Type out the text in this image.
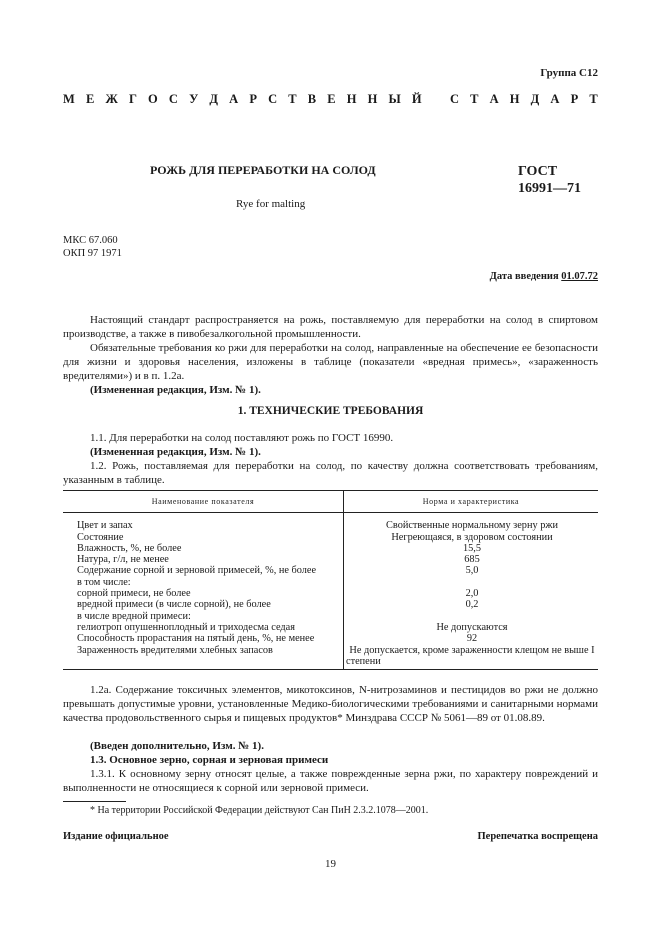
Группа С12
М Е Ж Г О С У Д А Р С Т В Е Н Н Ы Й С Т А Н Д А Р Т
РОЖЬ ДЛЯ ПЕРЕРАБОТКИ НА СОЛОД
Rye for malting
ГОСТ
16991—71
МКС 67.060
ОКП 97 1971
Дата введения 01.07.72
Настоящий стандарт распространяется на рожь, поставляемую для переработки на солод в спиртовом производстве, а также в пивобезалкогольной промышленности.
Обязательные требования ко ржи для переработки на солод, направленные на обеспечение ее безопасности для жизни и здоровья населения, изложены в таблице (показатели «вредная примесь», «зараженность вредителями») и в п. 1.2а.
(Измененная редакция, Изм. № 1).
1. ТЕХНИЧЕСКИЕ ТРЕБОВАНИЯ
1.1. Для переработки на солод поставляют рожь по ГОСТ 16990.
(Измененная редакция, Изм. № 1).
1.2. Рожь, поставляемая для переработки на солод, по качеству должна соответствовать требованиям, указанным в таблице.
Наименование показателя	Норма и характеристика
Цвет и запах	Свойственные нормальному зерну ржи
Состояние	Негреющаяся, в здоровом состоянии
Влажность, %, не более	15,5
Натура, г/л, не менее	685
Содержание сорной и зерновой примесей, %, не более	5,0
в том числе:	
сорной примеси, не более	2,0
вредной примеси (в числе сорной), не более	0,2
в числе вредной примеси:	
гелиотроп опушенноплодный и триходесма седая	Не допускаются
Способность прорастания на пятый день, %, не менее	92
Зараженность вредителями хлебных запасов	Не допускается, кроме зараженности клещом не выше I степени
1.2а. Содержание токсичных элементов, микотоксинов, N-нитрозаминов и пестицидов во ржи не должно превышать допустимые уровни, установленные Медико-биологическими требованиями и санитарными нормами качества продовольственного сырья и пищевых продуктов* Минздрава СССР № 5061—89 от 01.08.89.
(Введен дополнительно, Изм. № 1).
1.3. Основное зерно, сорная и зерновая примеси
1.3.1. К основному зерну относят целые, а также поврежденные зерна ржи, по характеру повреждений и выполненности не относящиеся к сорной или зерновой примеси.
* На территории Российской Федерации действуют Сан ПиН 2.3.2.1078—2001.
Издание официальное	Перепечатка воспрещена
19
